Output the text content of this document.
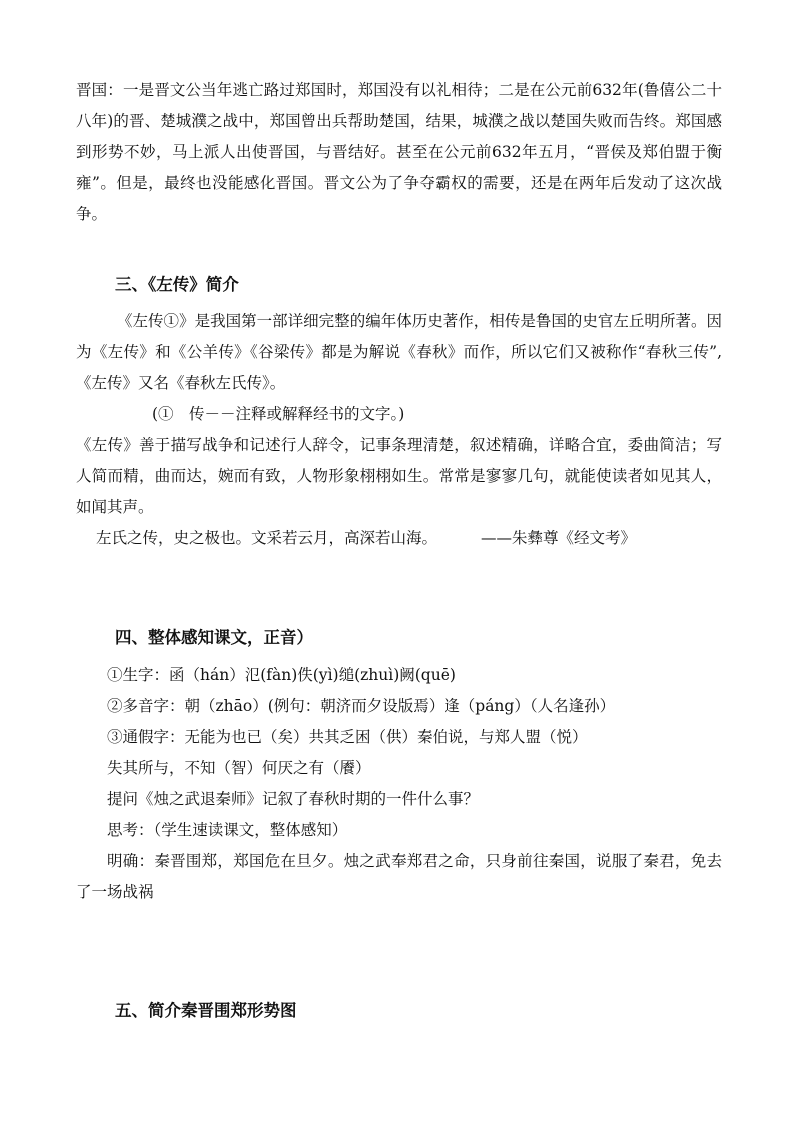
晋国：一是晋文公当年逃亡路过郑国时，郑国没有以礼相待；二是在公元前632年(鲁僖公二十八年)的晋、楚城濮之战中，郑国曾出兵帮助楚国，结果，城濮之战以楚国失败而告终。郑国感到形势不妙，马上派人出使晋国，与晋结好。甚至在公元前632年五月，“晋侯及郑伯盟于衡雍”。但是，最终也没能感化晋国。晋文公为了争夺霸权的需要，还是在两年后发动了这次战争。

三、《左传》简介

《左传①》是我国第一部详细完整的编年体历史著作，相传是鲁国的史官左丘明所著。因为《左传》和《公羊传》《谷梁传》都是为解说《春秋》而作，所以它们又被称作“春秋三传”,《左传》又名《春秋左氏传》。

(①　传－－注释或解释经书的文字。)

《左传》善于描写战争和记述行人辞令，记事条理清楚，叙述精确，详略合宜，委曲简洁；写人简而精，曲而达，婉而有致，人物形象栩栩如生。常常是寥寥几句，就能使读者如见其人，如闻其声。

左氏之传，史之极也。文采若云月，高深若山海。	——朱彝尊《经文考》
四、整体感知课文，正音）

①生字：函（hán）氾(fàn)佚(yì)缒(zhuì)阙(quē)

②多音字：朝（zhāo）(例句：朝济而夕设版焉）逢（páng）（人名逢孙）

③通假字：无能为也已（矣）共其乏困（供）秦伯说，与郑人盟（悦）

失其所与，不知（智）何厌之有（餍）

提问《烛之武退秦师》记叙了春秋时期的一件什么事？

思考：（学生速读课文，整体感知）

明确：秦晋围郑，郑国危在旦夕。烛之武奉郑君之命，只身前往秦国，说服了秦君，免去了一场战祸

五、简介秦晋围郑形势图
